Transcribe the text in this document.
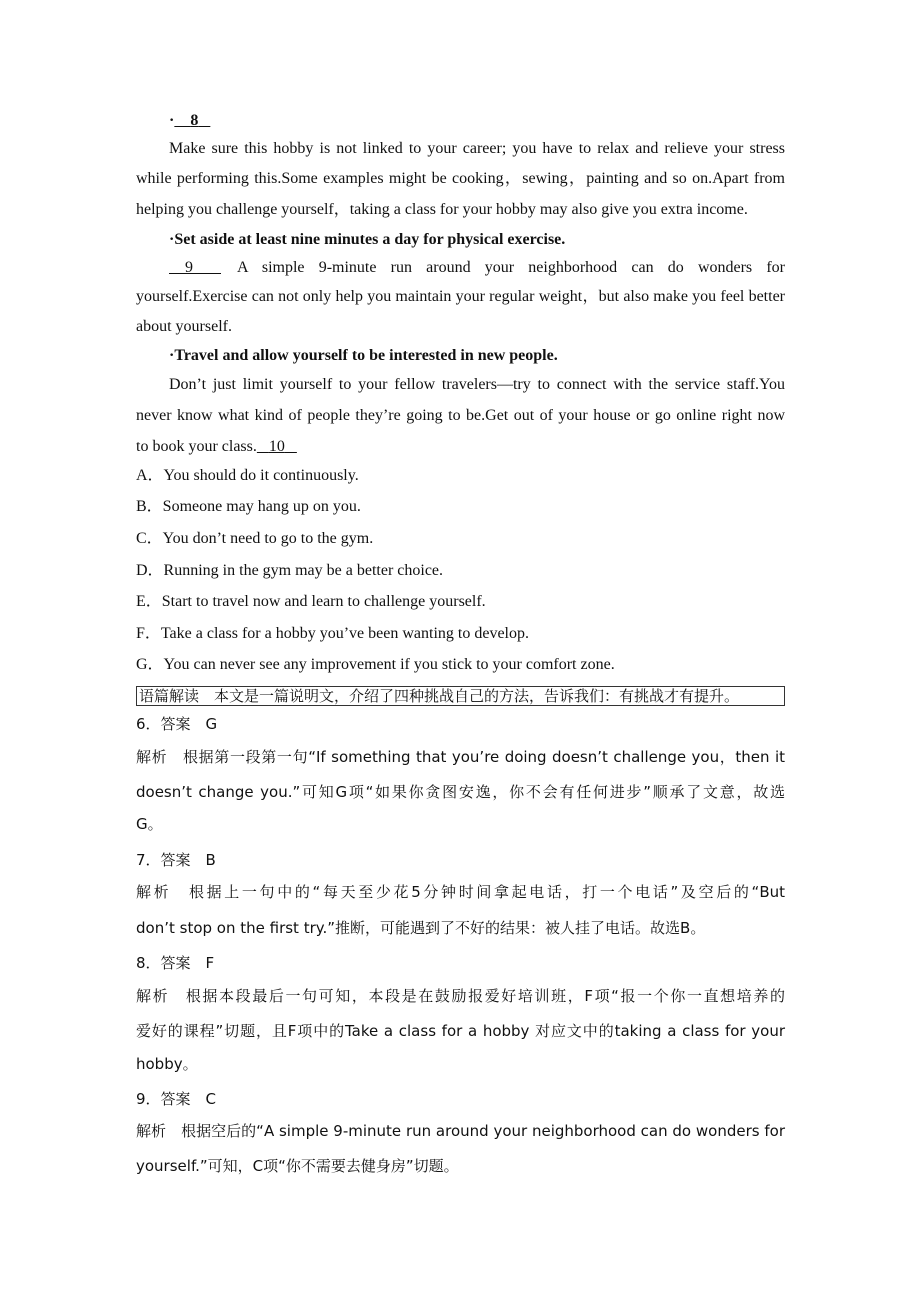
· 8
Make sure this hobby is not linked to your career; you have to relax and relieve your stress
while performing this.Some examples might be cooking，sewing，painting and so on.Apart from
helping you challenge yourself，taking a class for your hobby may also give you extra income.
·Set aside at least nine minutes a day for physical exercise.
9	A simple 9-minute run around your neighborhood can do wonders for
yourself.Exercise can not only help you maintain your regular weight，but also make you feel better
about yourself.
·Travel and allow yourself to be interested in new people.
Don’t just limit yourself to your fellow travelers—try to connect with the service staff.You
never know what kind of people they’re going to be.Get out of your house or go online right now
to book your class. 10
A．You should do it continuously.
B．Someone may hang up on you.
C．You don’t need to go to the gym.
D．Running in the gym may be a better choice.
E．Start to travel now and learn to challenge yourself.
F．Take a class for a hobby you’ve been wanting to develop.
G．You can never see any improvement if you stick to your comfort zone.
语篇解读　本文是一篇说明文，介绍了四种挑战自己的方法，告诉我们：有挑战才有提升。
6．答案　G
解析　根据第一段第一句“If something that you’re doing doesn’t challenge you，then it
doesn’t change you.”可知G项“如果你贪图安逸，你不会有任何进步”顺承了文意，故选
G。
7．答案　B
解析　根据上一句中的“每天至少花5分钟时间拿起电话，打一个电话”及空后的“But
don’t stop on the first try.”推断，可能遇到了不好的结果：被人挂了电话。故选B。
8．答案　F
解析　根据本段最后一句可知，本段是在鼓励报爱好培训班，F项“报一个你一直想培养的
爱好的课程”切题，且F项中的Take a class for a hobby 对应文中的taking a class for your
hobby。
9．答案　C
解析　根据空后的“A simple 9-minute run around your neighborhood can do wonders for
yourself.”可知，C项“你不需要去健身房”切题。
